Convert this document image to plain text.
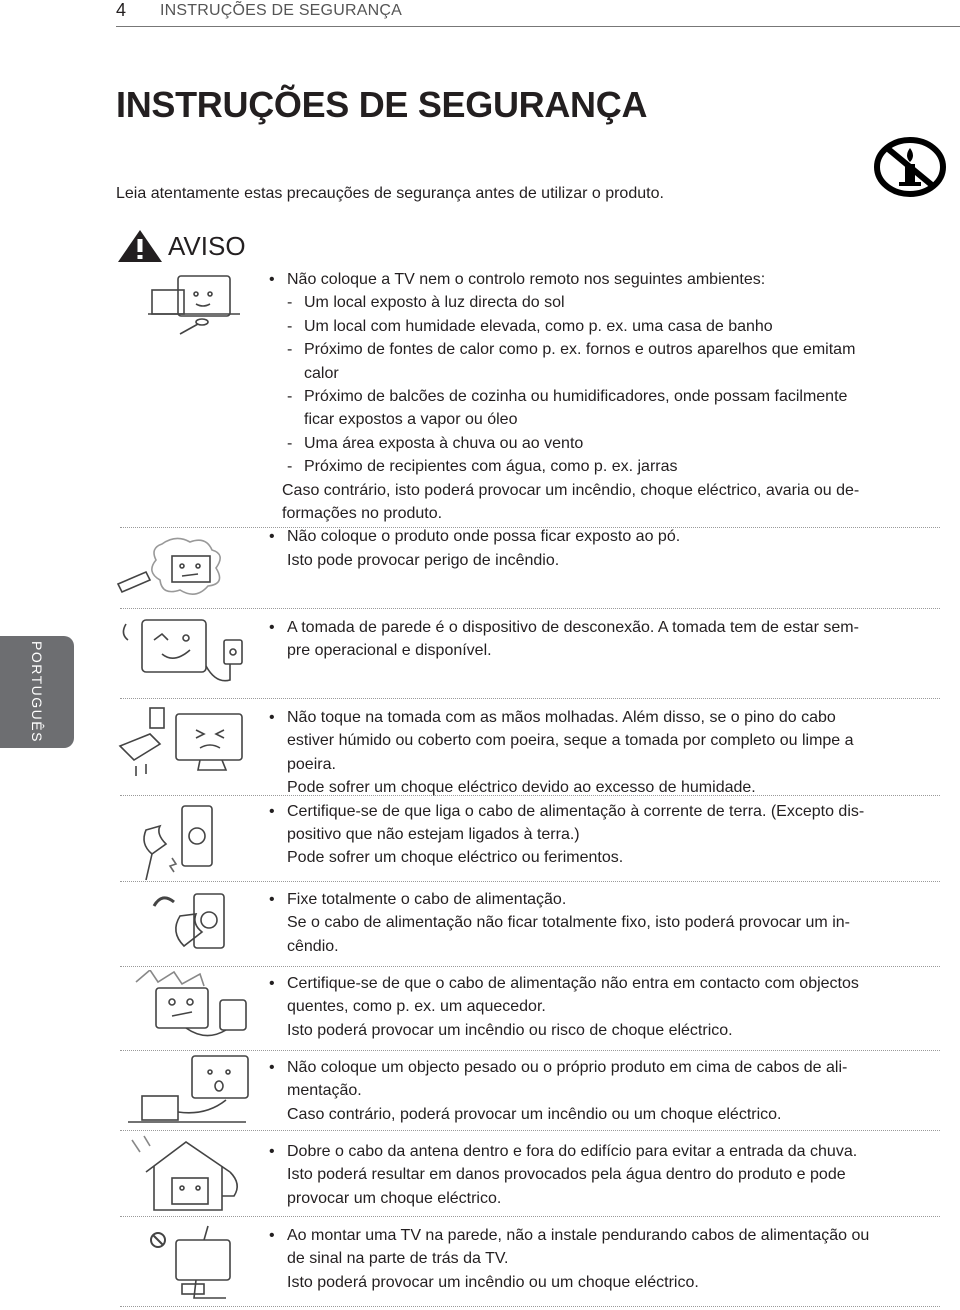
4 INSTRUÇÕES DE SEGURANÇA
INSTRUÇÕES DE SEGURANÇA
Leia atentamente estas precauções de segurança antes de utilizar o produto.
AVISO
PORTUGUÊS
• Não coloque a TV nem o controlo remoto nos seguintes ambientes:
- Um local exposto à luz directa do sol
- Um local com humidade elevada, como p. ex. uma casa de banho
- Próximo de fontes de calor como p. ex. fornos e outros aparelhos que emitam
calor
- Próximo de balcões de cozinha ou humidificadores, onde possam facilmente
ficar expostos a vapor ou óleo
- Uma área exposta à chuva ou ao vento
- Próximo de recipientes com água, como p. ex. jarras
Caso contrário, isto poderá provocar um incêndio, choque eléctrico, avaria ou de-
formações no produto.
• Não coloque o produto onde possa ficar exposto ao pó.
Isto pode provocar perigo de incêndio.
• A tomada de parede é o dispositivo de desconexão. A tomada tem de estar sem-
pre operacional e disponível.
• Não toque na tomada com as mãos molhadas. Além disso, se o pino do cabo
estiver húmido ou coberto com poeira, seque a tomada por completo ou limpe a
poeira.
Pode sofrer um choque eléctrico devido ao excesso de humidade.
• Certifique-se de que liga o cabo de alimentação à corrente de terra. (Excepto dis-
positivo que não estejam ligados à terra.)
Pode sofrer um choque eléctrico ou ferimentos.
• Fixe totalmente o cabo de alimentação.
Se o cabo de alimentação não ficar totalmente fixo, isto poderá provocar um in-
cêndio.
• Certifique-se de que o cabo de alimentação não entra em contacto com objectos
quentes, como p. ex. um aquecedor.
Isto poderá provocar um incêndio ou risco de choque eléctrico.
• Não coloque um objecto pesado ou o próprio produto em cima de cabos de ali-
mentação.
Caso contrário, poderá provocar um incêndio ou um choque eléctrico.
• Dobre o cabo da antena dentro e fora do edifício para evitar a entrada da chuva.
Isto poderá resultar em danos provocados pela água dentro do produto e pode
provocar um choque eléctrico.
• Ao montar uma TV na parede, não a instale pendurando cabos de alimentação ou
de sinal na parte de trás da TV.
Isto poderá provocar um incêndio ou um choque eléctrico.
